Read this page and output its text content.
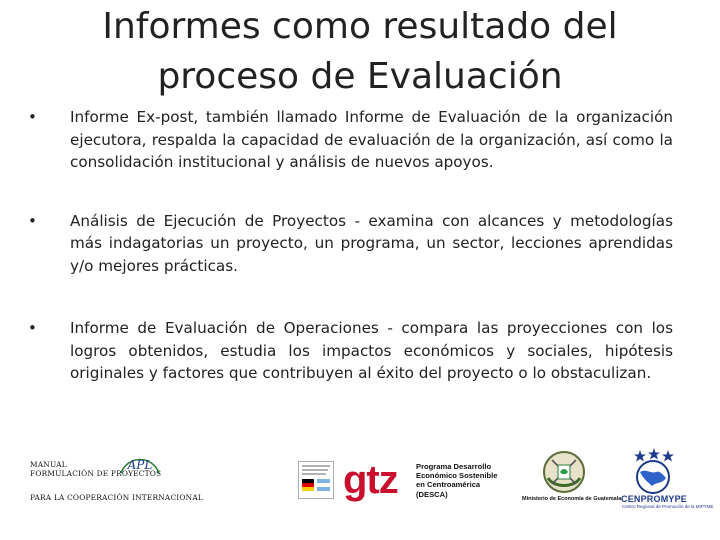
Informes como resultado del
proceso de Evaluación
•	Informe Ex-post, también llamado Informe de Evaluación de la organización ejecutora, respalda la capacidad de evaluación de la organización, así como la consolidación institucional y análisis de nuevos apoyos.
•	Análisis de Ejecución de Proyectos - examina con alcances y metodologías más indagatorias un proyecto, un programa, un sector, lecciones aprendidas y/o mejores prácticas.
•	Informe de Evaluación de Operaciones - compara las proyecciones con los logros obtenidos, estudia los impactos económicos y sociales, hipótesis originales y factores que contribuyen al éxito del proyecto o lo obstaculizan.
MANUAL
FORMULACIÓN DE PROYECTOS
APL
PARA LA COOPERACIÓN INTERNACIONAL	gtz Programa Desarrollo
Económico Sostenible
en Centroamérica
(DESCA)
Ministerio de Economía de Guatemala CENPROMYPE
Centro Regional de Promoción de la MIPYME
